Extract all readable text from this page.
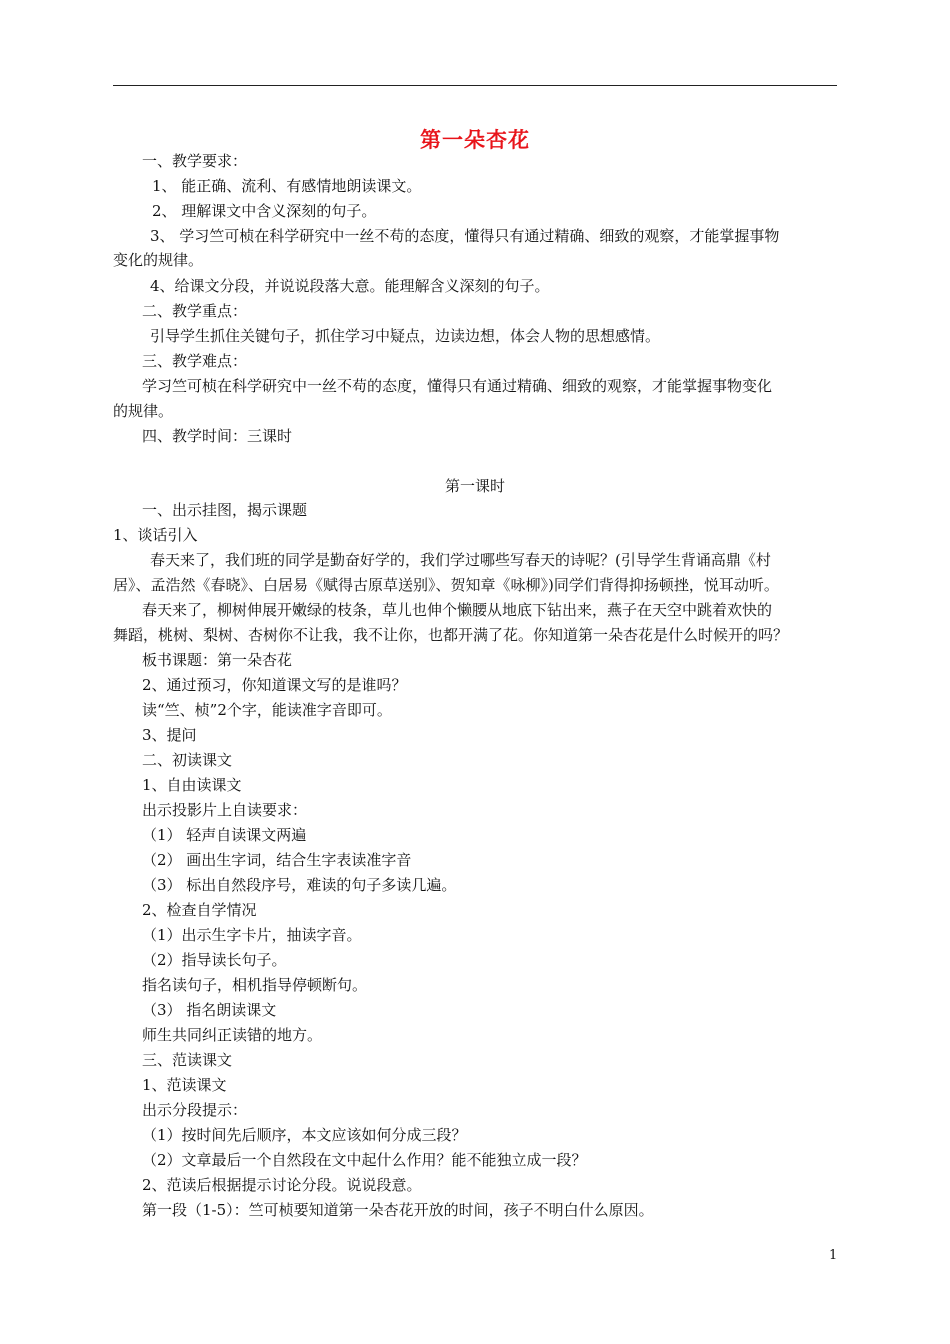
第一朵杏花
一、教学要求：
1、 能正确、流利、有感情地朗读课文。
2、 理解课文中含义深刻的句子。
3、 学习竺可桢在科学研究中一丝不苟的态度，懂得只有通过精确、细致的观察，才能掌握事物
变化的规律。
4、给课文分段，并说说段落大意。能理解含义深刻的句子。
二、教学重点：
引导学生抓住关键句子，抓住学习中疑点，边读边想，体会人物的思想感情。
三、教学难点：
学习竺可桢在科学研究中一丝不苟的态度，懂得只有通过精确、细致的观察，才能掌握事物变化
的规律。
四、教学时间：三课时
第一课时
一、出示挂图，揭示课题
1、谈话引入
春天来了，我们班的同学是勤奋好学的，我们学过哪些写春天的诗呢？(引导学生背诵高鼎《村
居》、孟浩然《春晓》、白居易《赋得古原草送别》、贺知章《咏柳》)同学们背得抑扬顿挫，悦耳动听。
春天来了，柳树伸展开嫩绿的枝条，草儿也伸个懒腰从地底下钻出来，燕子在天空中跳着欢快的
舞蹈，桃树、梨树、杏树你不让我，我不让你，也都开满了花。你知道第一朵杏花是什么时候开的吗？
板书课题：第一朵杏花
2、通过预习，你知道课文写的是谁吗？
读“竺、桢”2个字，能读准字音即可。
3、提问
二、初读课文
1、自由读课文
出示投影片上自读要求：
（1） 轻声自读课文两遍
（2） 画出生字词，结合生字表读准字音
（3） 标出自然段序号，难读的句子多读几遍。
2、检查自学情况
（1）出示生字卡片，抽读字音。
（2）指导读长句子。
指名读句子，相机指导停顿断句。
（3） 指名朗读课文
师生共同纠正读错的地方。
三、范读课文
1、范读课文
出示分段提示：
（1）按时间先后顺序，本文应该如何分成三段？
（2）文章最后一个自然段在文中起什么作用？能不能独立成一段？
2、范读后根据提示讨论分段。说说段意。
第一段（1-5）：竺可桢要知道第一朵杏花开放的时间，孩子不明白什么原因。
1
